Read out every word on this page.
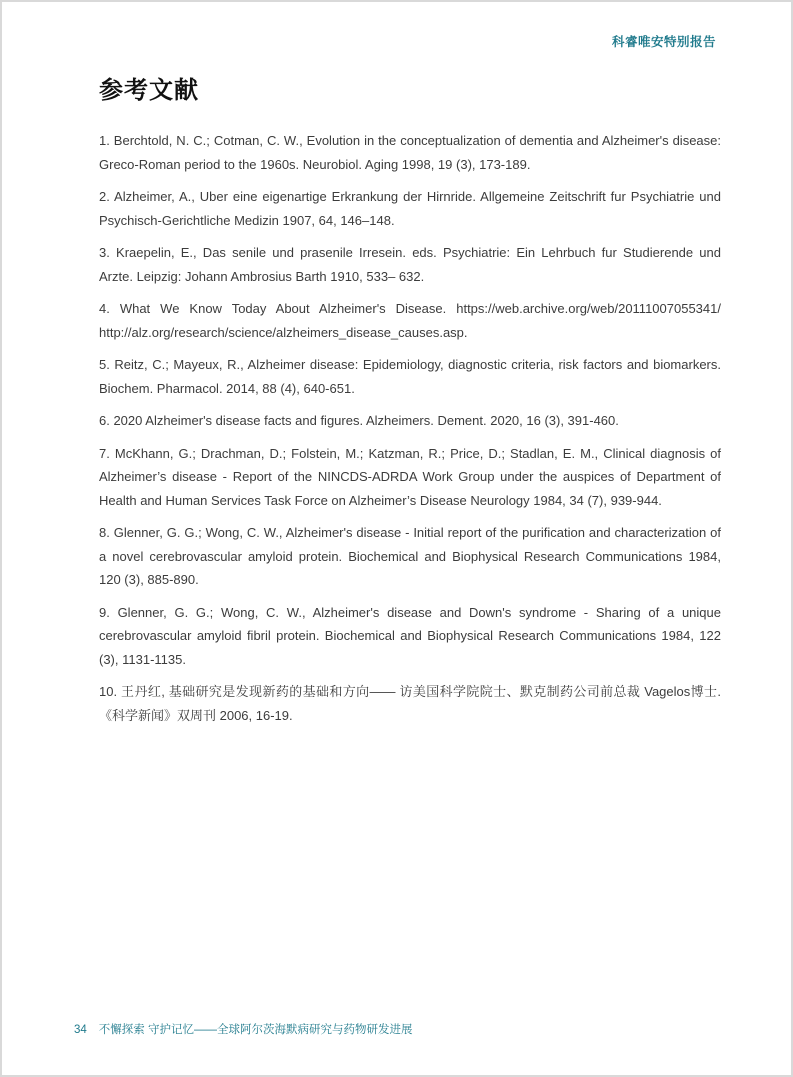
科睿唯安特别报告
参考文献

1. Berchtold, N. C.; Cotman, C. W., Evolution in the conceptualization of dementia and Alzheimer's disease: Greco-Roman period to the 1960s. Neurobiol. Aging 1998, 19 (3), 173-189.

2. Alzheimer, A., Uber eine eigenartige Erkrankung der Hirnride. Allgemeine Zeitschrift fur Psychiatrie und Psychisch-Gerichtliche Medizin 1907, 64, 146–148.

3. Kraepelin, E., Das senile und prasenile Irresein. eds. Psychiatrie: Ein Lehrbuch fur Studierende und Arzte. Leipzig: Johann Ambrosius Barth 1910, 533– 632.

4. What We Know Today About Alzheimer's Disease. https://web.archive.org/web/20111007055341/ http://alz.org/research/science/alzheimers_disease_causes.asp.

5. Reitz, C.; Mayeux, R., Alzheimer disease: Epidemiology, diagnostic criteria, risk factors and biomarkers. Biochem. Pharmacol. 2014, 88 (4), 640-651.

6. 2020 Alzheimer's disease facts and figures. Alzheimers. Dement. 2020, 16 (3), 391-460.

7. McKhann, G.; Drachman, D.; Folstein, M.; Katzman, R.; Price, D.; Stadlan, E. M., Clinical diagnosis of Alzheimer’s disease - Report of the NINCDS-ADRDA Work Group under the auspices of Department of Health and Human Services Task Force on Alzheimer’s Disease Neurology 1984, 34 (7), 939-944.

8. Glenner, G. G.; Wong, C. W., Alzheimer's disease - Initial report of the purification and characterization of a novel cerebrovascular amyloid protein. Biochemical and Biophysical Research Communications 1984, 120 (3), 885-890.

9. Glenner, G. G.; Wong, C. W., Alzheimer's disease and Down's syndrome - Sharing of a unique cerebrovascular amyloid fibril protein. Biochemical and Biophysical Research Communications 1984, 122 (3), 1131-1135.

10. 王丹红, 基础研究是发现新药的基础和方向—— 访美国科学院院士、默克制药公司前总裁 Vagelos博士.《科学新闻》双周刊 2006, 16-19.

34 不懈探索 守护记忆——全球阿尔茨海默病研究与药物研发进展
